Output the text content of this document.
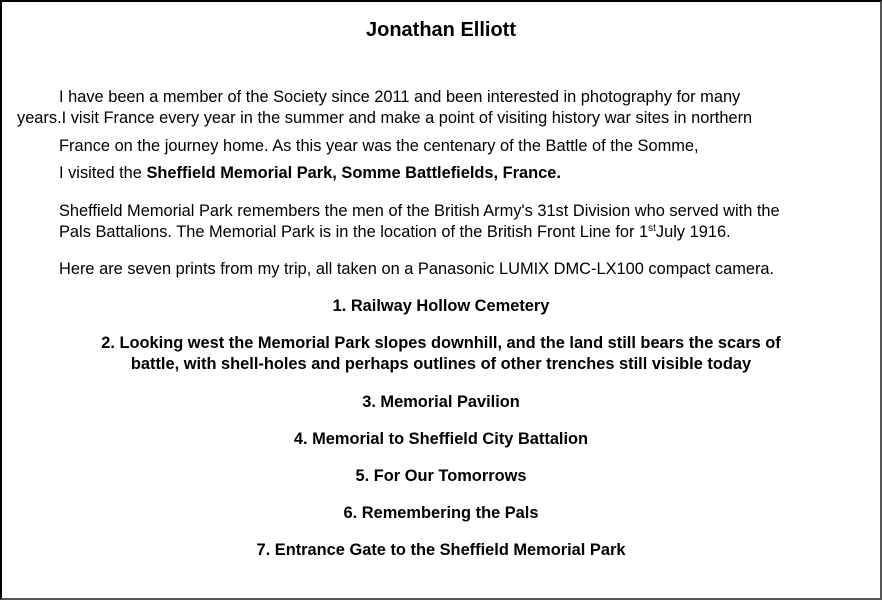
Jonathan Elliott
I have been a member of the Society since 2011 and been interested in photography for many
years.I visit France every year in the summer and make a point of visiting history war sites in northern
France on the journey home. As this year was the centenary of the Battle of the Somme,
I visited the Sheffield Memorial Park, Somme Battlefields, France.
Sheffield Memorial Park remembers the men of the British Army's 31st Division who served with the
Pals Battalions. The Memorial Park is in the location of the British Front Line for 1stJuly 1916.
Here are seven prints from my trip, all taken on a Panasonic LUMIX DMC-LX100 compact camera.
1. Railway Hollow Cemetery
2. Looking west the Memorial Park slopes downhill, and the land still bears the scars of
battle, with shell-holes and perhaps outlines of other trenches still visible today
3. Memorial Pavilion
4. Memorial to Sheffield City Battalion
5. For Our Tomorrows
6. Remembering the Pals
7. Entrance Gate to the Sheffield Memorial Park
